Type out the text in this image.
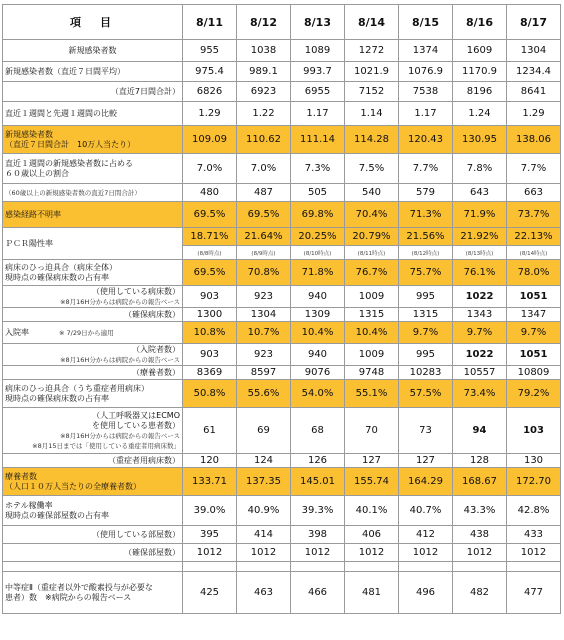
項　目	8/11	8/12	8/13	8/14	8/15	8/16	8/17

新規感染者数	955	1038	1089	1272	1374	1609	1304
新規感染者数（直近７日間平均）	975.4	989.1	993.7	1021.9	1076.9	1170.9	1234.4

（直近7日間合計）	6826	6923	6955	7152	7538	8196	8641
直近１週間と先週１週間の比較	1.29	1.22	1.17	1.14	1.17	1.24	1.29

新規感染者数
（直近７日間合計　10万人当たり）	109.09	110.62	111.14	114.28	120.43	130.95	138.06

直近１週間の新規感染者数に占める
６０歳以上の割合	7.0%	7.0%	7.3%	7.5%	7.7%	7.8%	7.7%

（60歳以上の新規感染者数の直近7日間合計）	480	487	505	540	579	643	663
感染経路不明率	69.5%	69.5%	69.8%	70.4%	71.3%	71.9%	73.7%
ＰＣＲ陽性率	18.71%	21.64%	20.25%	20.79%	21.56%	21.92%	22.13%
	(8/8時点)	(8/9時点)	(8/10時点)	(8/11時点)	(8/12時点)	(8/13時点)	(8/14時点)

病床のひっ迫具合（病床全体）
現時点の確保病床数の占有率	69.5%	70.8%	71.8%	76.7%	75.7%	76.1%	78.0%

（使用している病床数）
※8月16H分からは病院からの報告ベース	903	923	940	1009	995	1022	1051

（確保病床数）	1300	1304	1309	1315	1315	1343	1347
入院率 ※ 7/29日から適用	10.8%	10.7%	10.4%	10.4%	9.7%	9.7%	9.7%

（入院者数）
※8月16H分からは病院からの報告ベース	903	923	940	1009	995	1022	1051

（療養者数）	8369	8597	9076	9748	10283	10557	10809

病床のひっ迫具合（うち重症者用病床）
現時点の確保病床数の占有率	50.8%	55.6%	54.0%	55.1%	57.5%	73.4%	79.2%

（人工呼吸器又はECMO
を使用している患者数）
※8月16H分からは病院からの報告ベース
※8月15日までは「使用している重症者用病床数」	61	69	68	70	73	94	103

（重症者用病床数）	120	124	126	127	127	128	130

療養者数
（人口１０万人当たりの全療養者数）	133.71	137.35	145.01	155.74	164.29	168.67	172.70

ホテル稼働率
現時点の確保部屋数の占有率	39.0%	40.9%	39.3%	40.1%	40.7%	43.3%	42.8%

（使用している部屋数）	395	414	398	406	412	438	433

（確保部屋数）	1012	1012	1012	1012	1012	1012	1012

中等症Ⅱ（重症者以外で酸素投与が必要な
患者）数　※病院からの報告ベース	425	463	466	481	496	482	477
